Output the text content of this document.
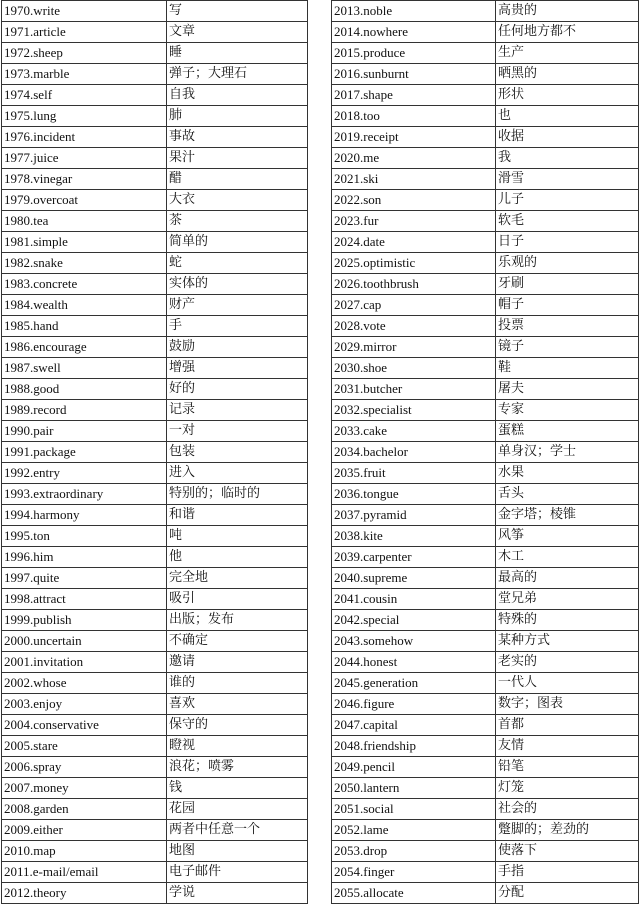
1970.write	写
1971.article	文章
1972.sheep	睡
1973.marble	弹子；大理石
1974.self	自我
1975.lung	肺
1976.incident	事故
1977.juice	果汁
1978.vinegar	醋
1979.overcoat	大衣
1980.tea	茶
1981.simple	简单的
1982.snake	蛇
1983.concrete	实体的
1984.wealth	财产
1985.hand	手
1986.encourage	鼓励
1987.swell	增强
1988.good	好的
1989.record	记录
1990.pair	一对
1991.package	包装
1992.entry	进入
1993.extraordinary	特别的；临时的
1994.harmony	和谐
1995.ton	吨
1996.him	他
1997.quite	完全地
1998.attract	吸引
1999.publish	出版；发布
2000.uncertain	不确定
2001.invitation	邀请
2002.whose	谁的
2003.enjoy	喜欢
2004.conservative	保守的
2005.stare	瞪视
2006.spray	浪花；喷雾
2007.money	钱
2008.garden	花园
2009.either	两者中任意一个
2010.map	地图
2011.e-mail/email	电子邮件
2012.theory	学说
2013.noble	高贵的
2014.nowhere	任何地方都不
2015.produce	生产
2016.sunburnt	晒黑的
2017.shape	形状
2018.too	也
2019.receipt	收据
2020.me	我
2021.ski	滑雪
2022.son	儿子
2023.fur	软毛
2024.date	日子
2025.optimistic	乐观的
2026.toothbrush	牙刷
2027.cap	帽子
2028.vote	投票
2029.mirror	镜子
2030.shoe	鞋
2031.butcher	屠夫
2032.specialist	专家
2033.cake	蛋糕
2034.bachelor	单身汉；学士
2035.fruit	水果
2036.tongue	舌头
2037.pyramid	金字塔；棱锥
2038.kite	风筝
2039.carpenter	木工
2040.supreme	最高的
2041.cousin	堂兄弟
2042.special	特殊的
2043.somehow	某种方式
2044.honest	老实的
2045.generation	一代人
2046.figure	数字；图表
2047.capital	首都
2048.friendship	友情
2049.pencil	铅笔
2050.lantern	灯笼
2051.social	社会的
2052.lame	蹩脚的；差劲的
2053.drop	使落下
2054.finger	手指
2055.allocate	分配
